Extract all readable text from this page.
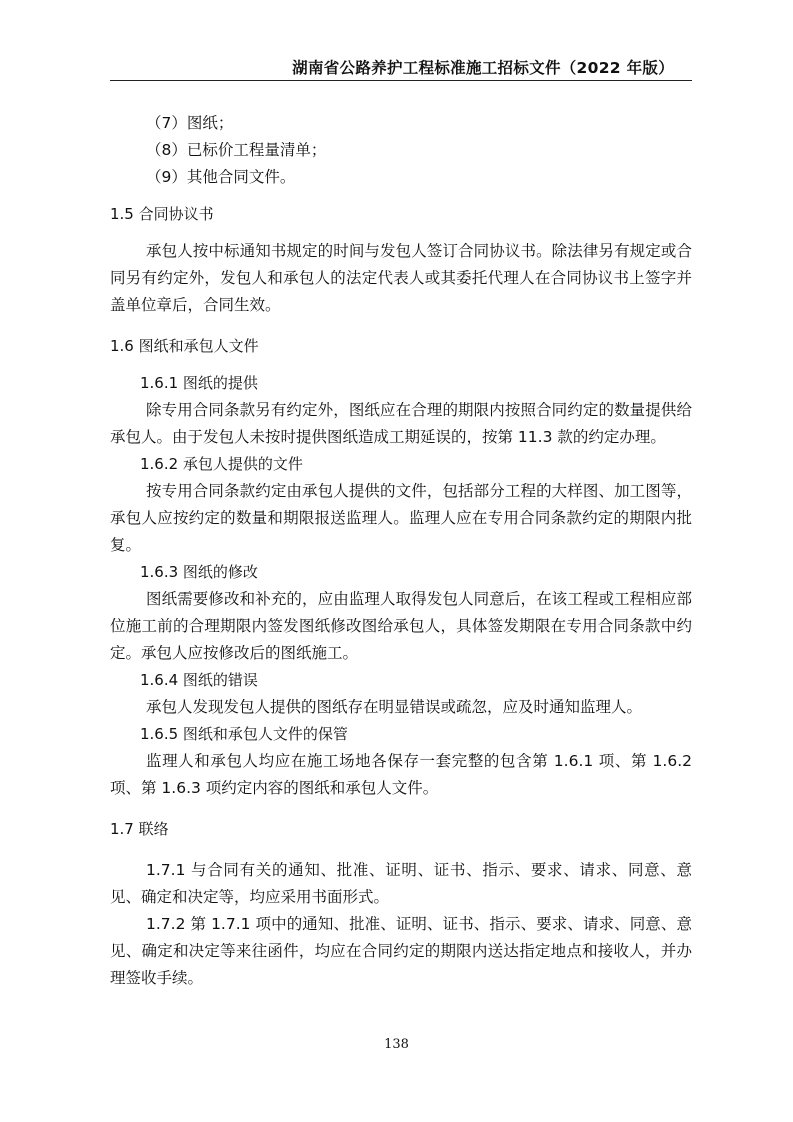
湖南省公路养护工程标准施工招标文件（2022 年版）
（7）图纸；
（8）已标价工程量清单；
（9）其他合同文件。
1.5 合同协议书
承包人按中标通知书规定的时间与发包人签订合同协议书。除法律另有规定或合同另有约定外，发包人和承包人的法定代表人或其委托代理人在合同协议书上签字并盖单位章后，合同生效。
1.6 图纸和承包人文件
1.6.1 图纸的提供
除专用合同条款另有约定外，图纸应在合理的期限内按照合同约定的数量提供给承包人。由于发包人未按时提供图纸造成工期延误的，按第 11.3 款的约定办理。
1.6.2 承包人提供的文件
按专用合同条款约定由承包人提供的文件，包括部分工程的大样图、加工图等，承包人应按约定的数量和期限报送监理人。监理人应在专用合同条款约定的期限内批复。
1.6.3 图纸的修改
图纸需要修改和补充的，应由监理人取得发包人同意后，在该工程或工程相应部位施工前的合理期限内签发图纸修改图给承包人，具体签发期限在专用合同条款中约定。承包人应按修改后的图纸施工。
1.6.4 图纸的错误
承包人发现发包人提供的图纸存在明显错误或疏忽，应及时通知监理人。
1.6.5 图纸和承包人文件的保管
监理人和承包人均应在施工场地各保存一套完整的包含第 1.6.1 项、第 1.6.2 项、第 1.6.3 项约定内容的图纸和承包人文件。
1.7 联络
1.7.1 与合同有关的通知、批准、证明、证书、指示、要求、请求、同意、意见、确定和决定等，均应采用书面形式。
1.7.2 第 1.7.1 项中的通知、批准、证明、证书、指示、要求、请求、同意、意见、确定和决定等来往函件，均应在合同约定的期限内送达指定地点和接收人，并办理签收手续。
138
